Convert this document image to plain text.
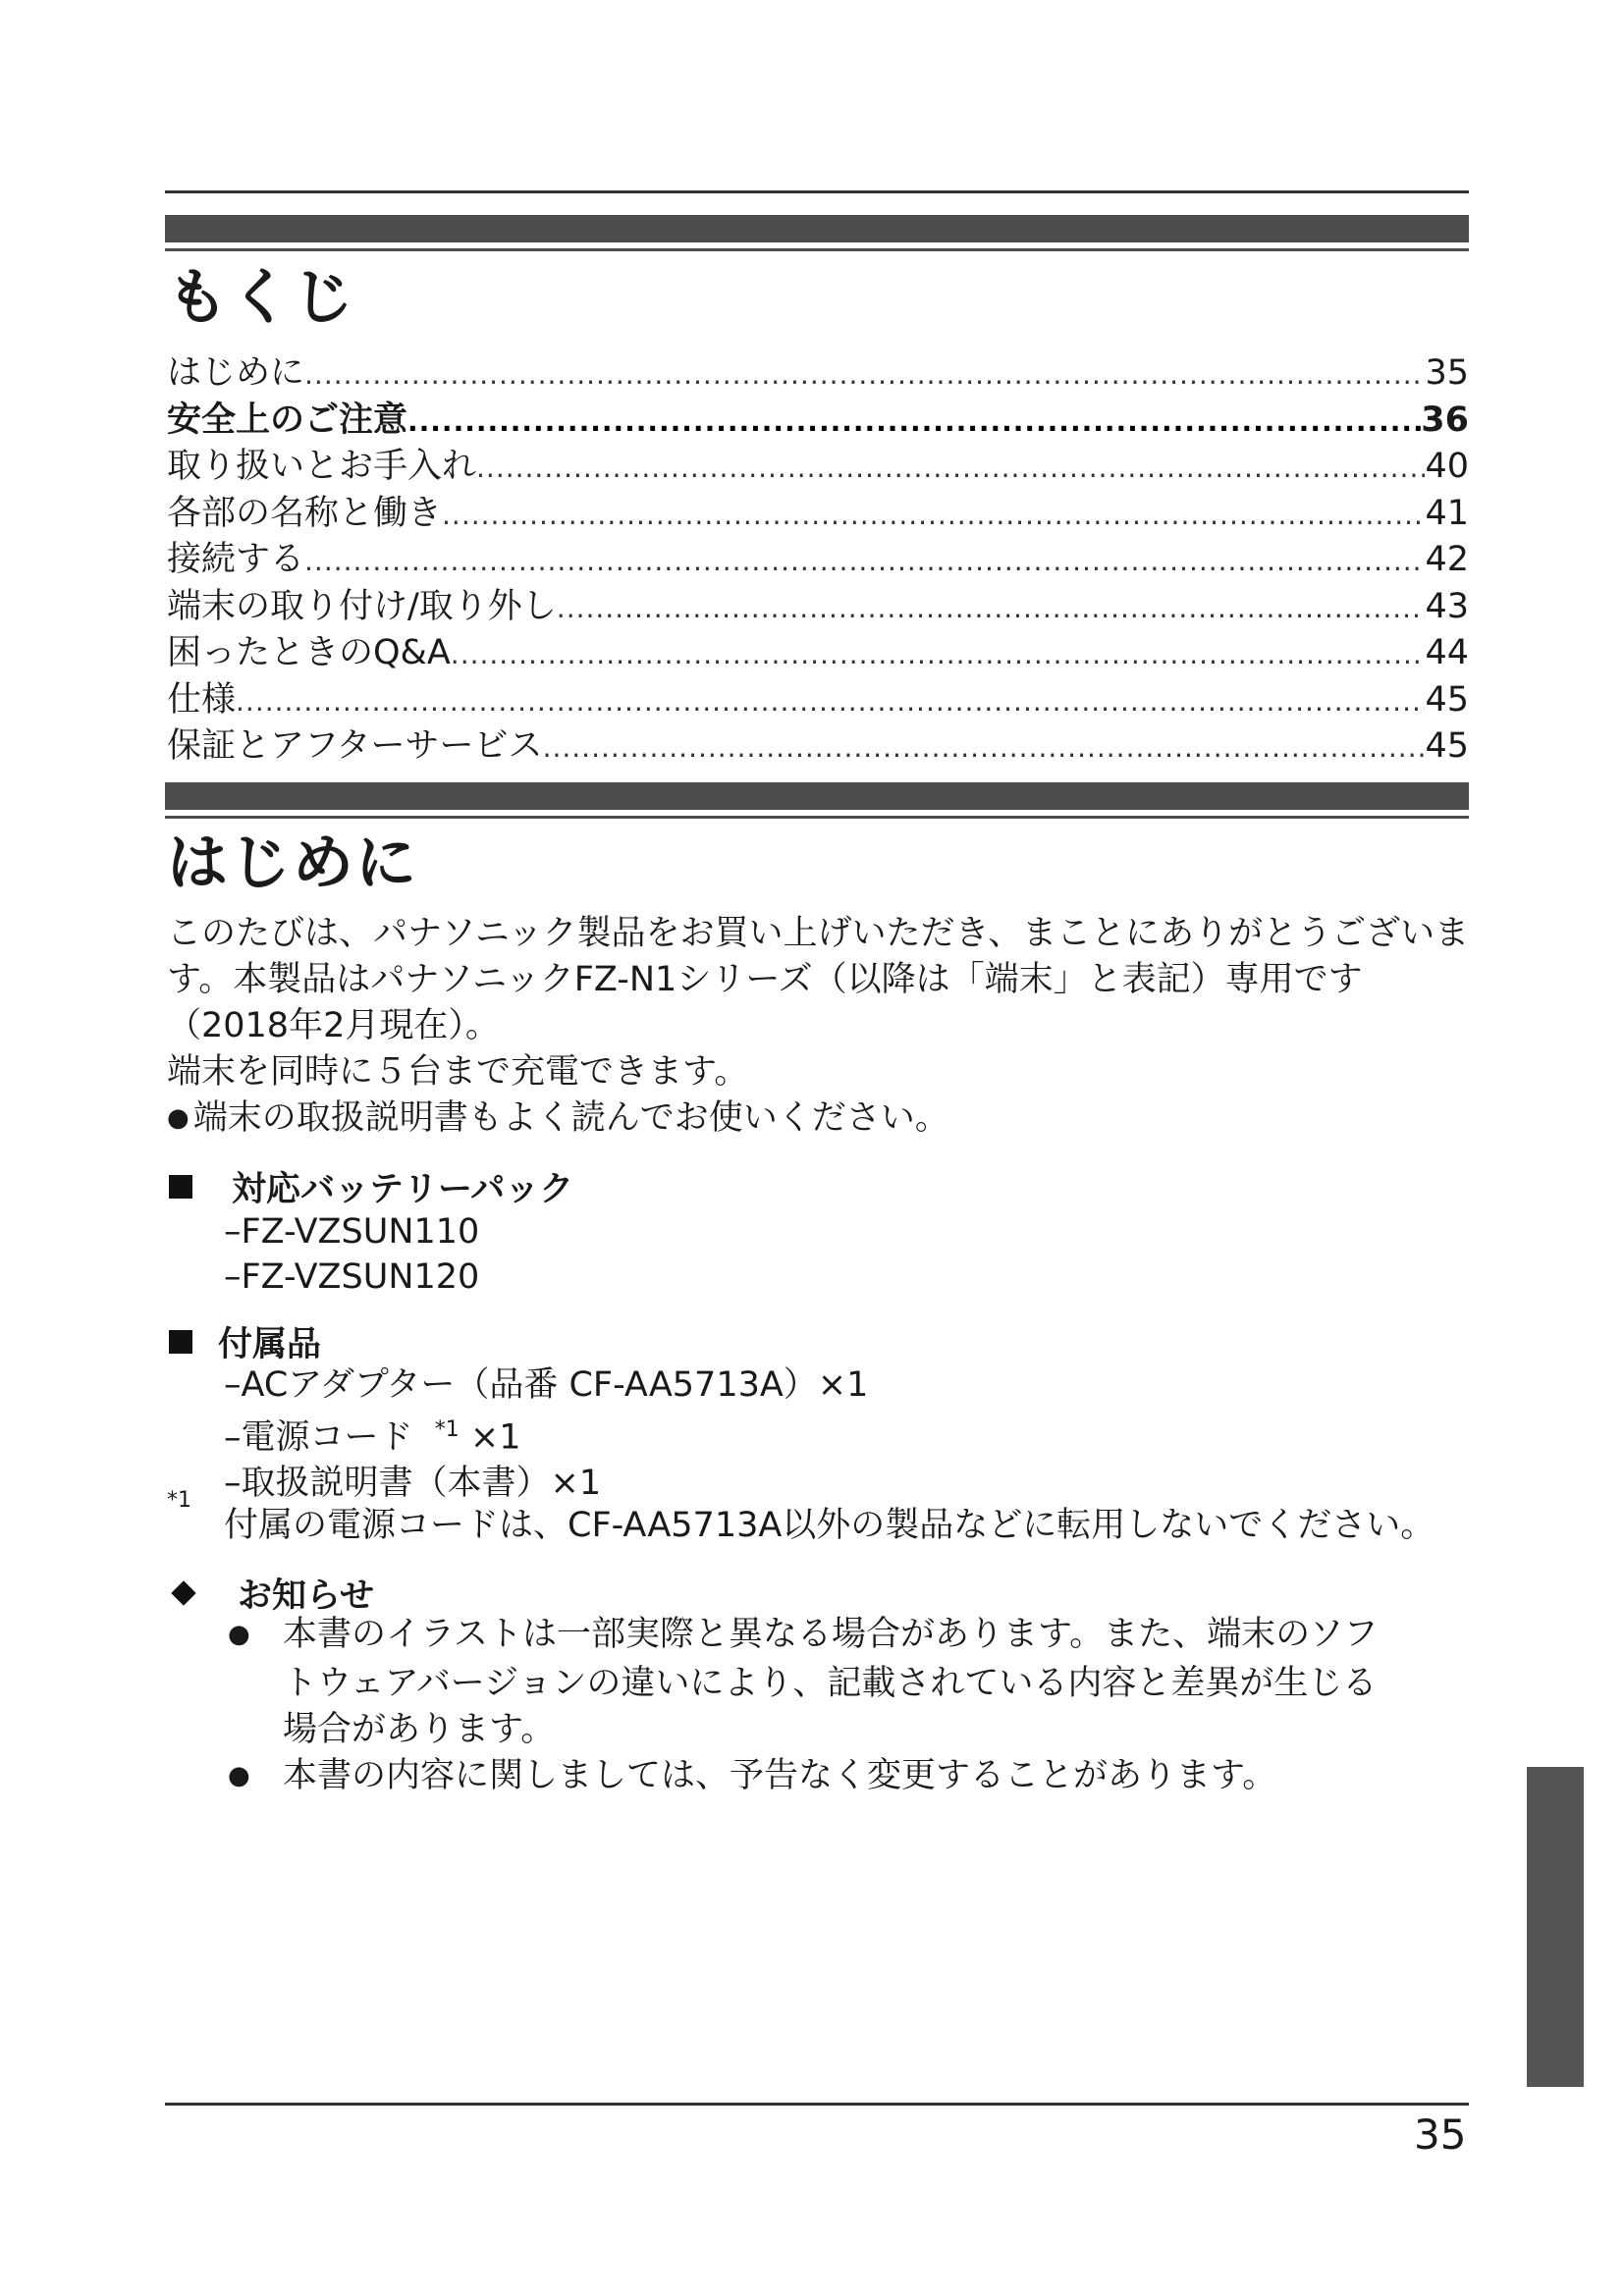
もくじ
はじめに .....	35
安全上のご注意 .....	36
取り扱いとお手入れ .....	40
各部の名称と働き .....	41
接続する .....	42
端末の取り付け/取り外し .....	43
困ったときのQ&A .....	44
仕様 .....	45
保証とアフターサービス .....	45
はじめに

このたびは、パナソニック製品をお買い上げいただき、まことにありがとうございます。本製品はパナソニックFZ-N1シリーズ（以降は「端末」と表記）専用です（2018年2月現在）。

端末を同時に５台まで充電できます。

● 端末の取扱説明書もよく読んでお使いください。

対応バッテリーパック
– FZ-VZSUN110
– FZ-VZSUN120
付属品
– ACアダプター（品番 CF-AA5713A）×1
– 電源コード $^{*1}$ ×1
– 取扱説明書（本書）×1
*1
付属の電源コードは、CF-AA5713A以外の製品などに転用しないでください。
お知らせ
● 本書のイラストは一部実際と異なる場合があります。また、端末のソフ
トウェアバージョンの違いにより、記載されている内容と差異が生じる
場合があります。
● 本書の内容に関しましては、予告なく変更することがあります。
35
